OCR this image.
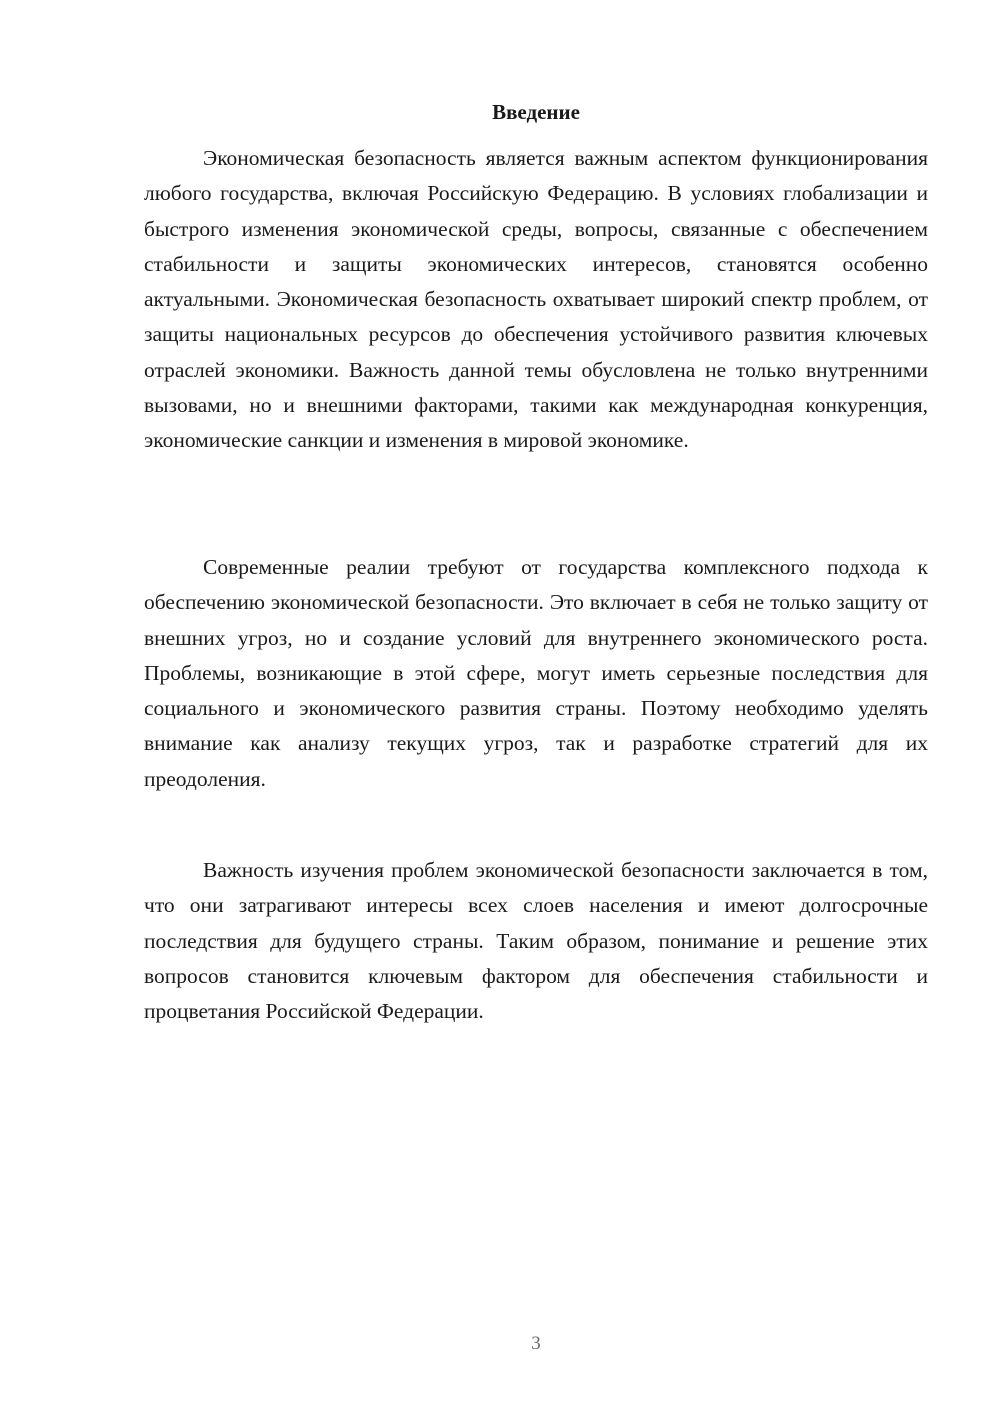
Введение

Экономическая безопасность является важным аспектом функционирования любого государства, включая Российскую Федерацию. В условиях глобализации и быстрого изменения экономической среды, вопросы, связанные с обеспечением стабильности и защиты экономических интересов, становятся особенно актуальными. Экономическая безопасность охватывает широкий спектр проблем, от защиты национальных ресурсов до обеспечения устойчивого развития ключевых отраслей экономики. Важность данной темы обусловлена не только внутренними вызовами, но и внешними факторами, такими как международная конкуренция, экономические санкции и изменения в мировой экономике.

Современные реалии требуют от государства комплексного подхода к обеспечению экономической безопасности. Это включает в себя не только защиту от внешних угроз, но и создание условий для внутреннего экономического роста. Проблемы, возникающие в этой сфере, могут иметь серьезные последствия для социального и экономического развития страны. Поэтому необходимо уделять внимание как анализу текущих угроз, так и разработке стратегий для их преодоления.

Важность изучения проблем экономической безопасности заключается в том, что они затрагивают интересы всех слоев населения и имеют долгосрочные последствия для будущего страны. Таким образом, понимание и решение этих вопросов становится ключевым фактором для обеспечения стабильности и процветания Российской Федерации.

3
